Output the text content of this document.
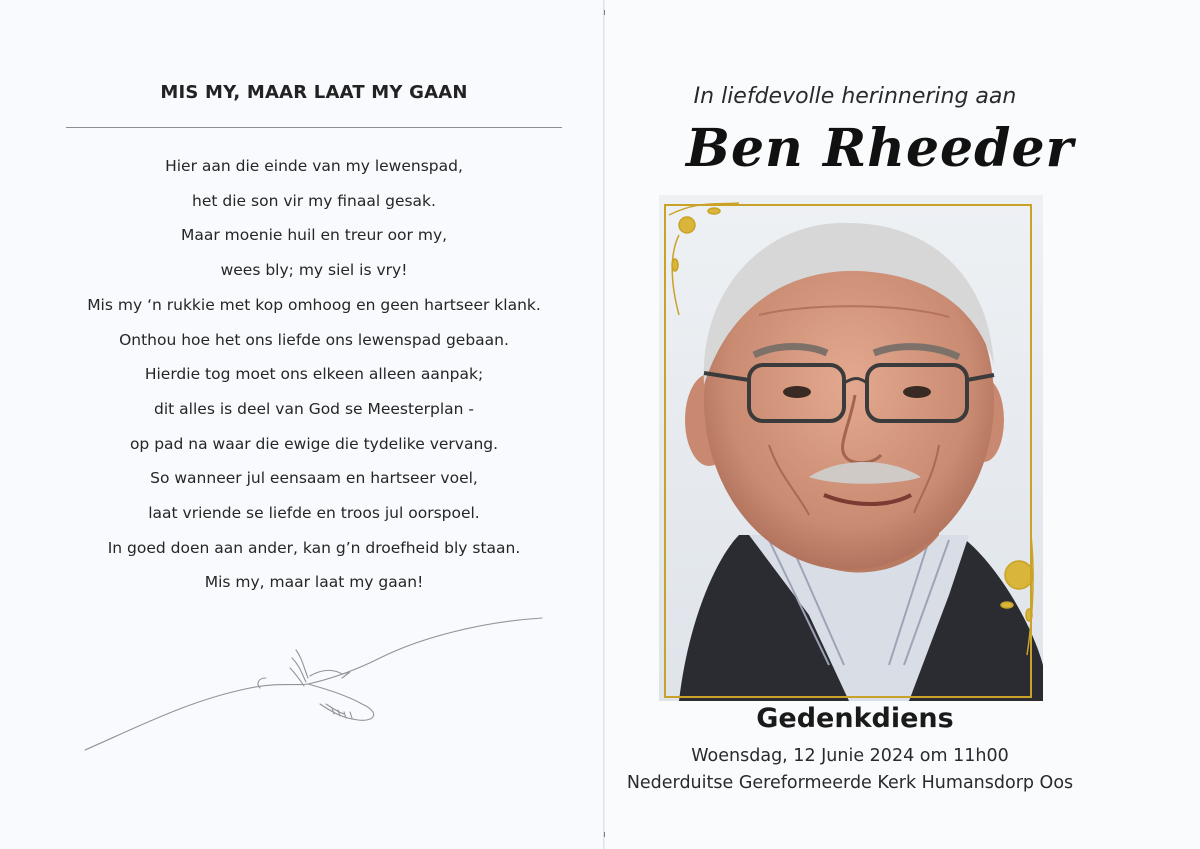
MIS MY, MAAR LAAT MY GAAN
Hier aan die einde van my lewenspad,
het die son vir my finaal gesak.
Maar moenie huil en treur oor my,
wees bly; my siel is vry!
Mis my ‘n rukkie met kop omhoog en geen hartseer klank.
Onthou hoe het ons liefde ons lewenspad gebaan.
Hierdie tog moet ons elkeen alleen aanpak;
dit alles is deel van God se Meesterplan -
op pad na waar die ewige die tydelike vervang.
So wanneer jul eensaam en hartseer voel,
laat vriende se liefde en troos jul oorspoel.
In goed doen aan ander, kan g’n droefheid bly staan.
Mis my, maar laat my gaan!
In liefdevolle herinnering aan
Ben Rheeder
Gedenkdiens
Woensdag, 12 Junie 2024 om 11h00
Nederduitse Gereformeerde Kerk Humansdorp Oos
